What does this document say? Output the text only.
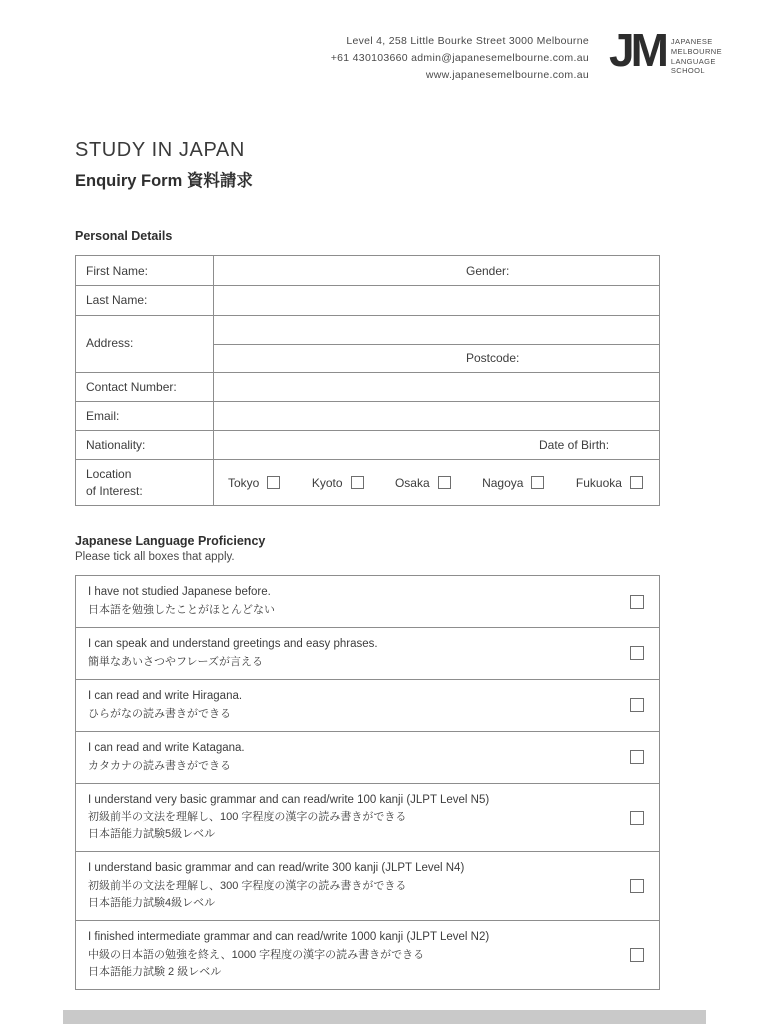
Level 4, 258 Little Bourke Street 3000 Melbourne
+61 430103660 admin@japanesemelbourne.com.au
www.japanesemelbourne.com.au JM JAPANESE
MELBOURNE
LANGUAGE
SCHOOL
STUDY IN JAPAN
Enquiry Form 資料請求
Personal Details
First Name:	Gender:
Last Name:
Address:
Postcode:
Contact Number:
Email:
Nationality:	Date of Birth:
Location
of Interest:
Tokyo	Kyoto	Osaka	Nagoya	Fukuoka
Japanese Language Proficiency
Please tick all boxes that apply.
I have not studied Japanese before.
日本語を勉強したことがほとんどない
I can speak and understand greetings and easy phrases.
簡単なあいさつやフレーズが言える
I can read and write Hiragana.
ひらがなの読み書きができる
I can read and write Katagana.
カタカナの読み書きができる
I understand very basic grammar and can read/write 100 kanji (JLPT Level N5)
初級前半の文法を理解し、100 字程度の漢字の読み書きができる
日本語能力試験5級レベル
I understand basic grammar and can read/write 300 kanji (JLPT Level N4)
初級前半の文法を理解し、300 字程度の漢字の読み書きができる
日本語能力試験4級レベル
I finished intermediate grammar and can read/write 1000 kanji (JLPT Level N2)
中級の日本語の勉強を終え、1000 字程度の漢字の読み書きができる
日本語能力試験 2 級レベル
